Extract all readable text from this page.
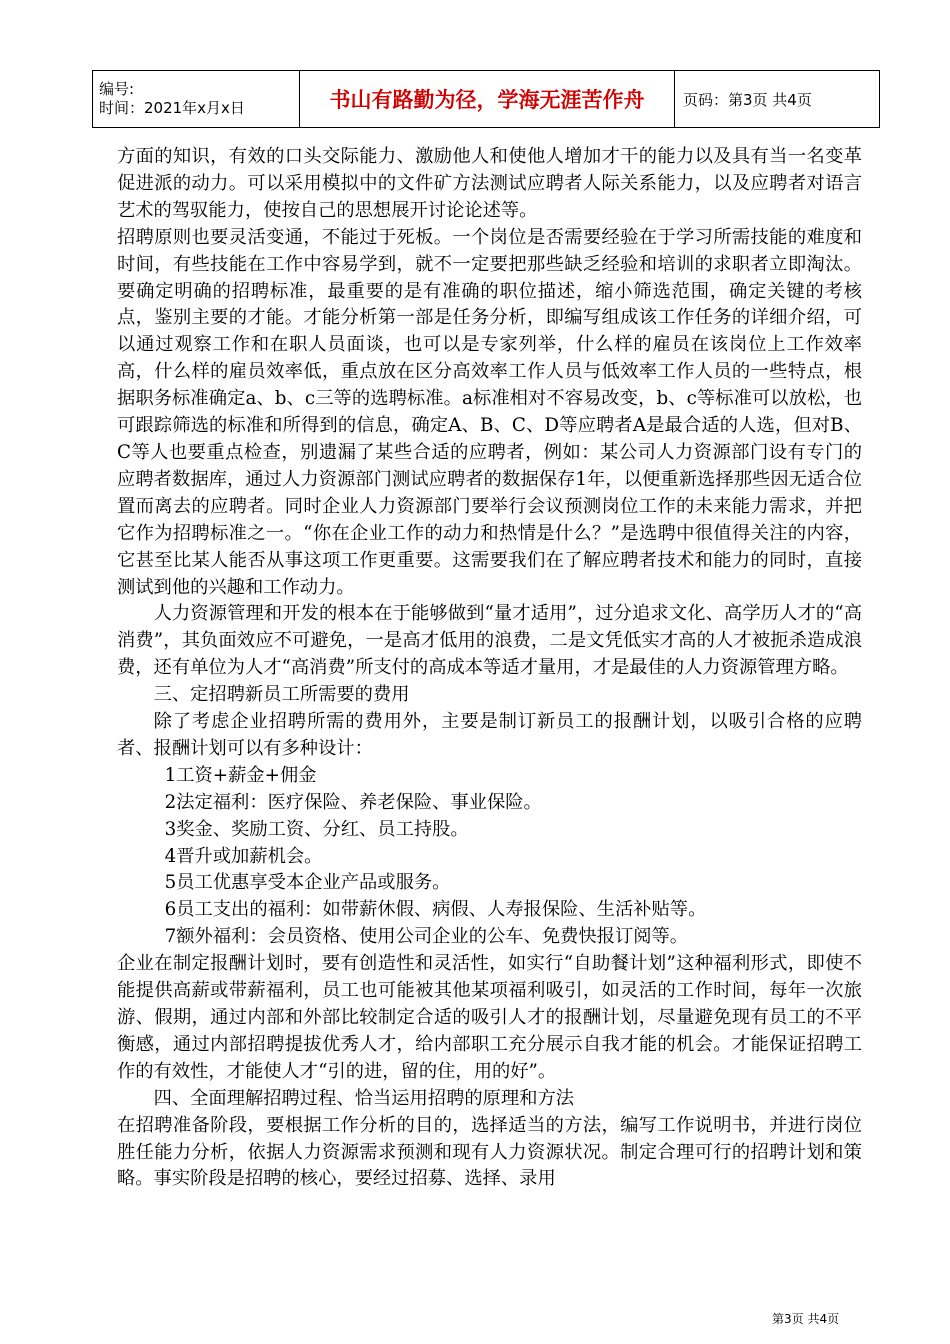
编号:
时间：2021年x月x日	书山有路勤为径，学海无涯苦作舟	页码：第3页 共4页

方面的知识，有效的口头交际能力、激励他人和使他人增加才干的能力以及具有当一名变革促进派的动力。可以采用模拟中的文件矿方法测试应聘者人际关系能力，以及应聘者对语言艺术的驾驭能力，使按自己的思想展开讨论论述等。

招聘原则也要灵活变通，不能过于死板。一个岗位是否需要经验在于学习所需技能的难度和时间，有些技能在工作中容易学到，就不一定要把那些缺乏经验和培训的求职者立即淘汰。要确定明确的招聘标准，最重要的是有准确的职位描述，缩小筛选范围，确定关键的考核点，鉴别主要的才能。才能分析第一部是任务分析，即编写组成该工作任务的详细介绍，可以通过观察工作和在职人员面谈，也可以是专家列举，什么样的雇员在该岗位上工作效率高，什么样的雇员效率低，重点放在区分高效率工作人员与低效率工作人员的一些特点，根据职务标准确定a、b、c三等的选聘标准。a标准相对不容易改变，b、c等标准可以放松，也可跟踪筛选的标准和所得到的信息，确定A、B、C、D等应聘者A是最合适的人选，但对B、C等人也要重点检查，别遗漏了某些合适的应聘者，例如：某公司人力资源部门设有专门的应聘者数据库，通过人力资源部门测试应聘者的数据保存1年，以便重新选择那些因无适合位置而离去的应聘者。同时企业人力资源部门要举行会议预测岗位工作的未来能力需求，并把它作为招聘标准之一。“你在企业工作的动力和热情是什么？”是选聘中很值得关注的内容，它甚至比某人能否从事这项工作更重要。这需要我们在了解应聘者技术和能力的同时，直接测试到他的兴趣和工作动力。

人力资源管理和开发的根本在于能够做到“量才适用”，过分追求文化、高学历人才的“高消费”，其负面效应不可避免，一是高才低用的浪费，二是文凭低实才高的人才被扼杀造成浪费，还有单位为人才“高消费”所支付的高成本等适才量用，才是最佳的人力资源管理方略。

三、定招聘新员工所需要的费用

除了考虑企业招聘所需的费用外，主要是制订新员工的报酬计划，以吸引合格的应聘者、报酬计划可以有多种设计：

1工资+薪金+佣金

2法定福利：医疗保险、养老保险、事业保险。

3奖金、奖励工资、分红、员工持股。

4晋升或加薪机会。

5员工优惠享受本企业产品或服务。

6员工支出的福利：如带薪休假、病假、人寿报保险、生活补贴等。

7额外福利：会员资格、使用公司企业的公车、免费快报订阅等。

企业在制定报酬计划时，要有创造性和灵活性，如实行“自助餐计划”这种福利形式，即使不能提供高薪或带薪福利，员工也可能被其他某项福利吸引，如灵活的工作时间，每年一次旅游、假期，通过内部和外部比较制定合适的吸引人才的报酬计划，尽量避免现有员工的不平衡感，通过内部招聘提拔优秀人才，给内部职工充分展示自我才能的机会。才能保证招聘工作的有效性，才能使人才“引的进，留的住，用的好”。

四、全面理解招聘过程、恰当运用招聘的原理和方法

在招聘准备阶段，要根据工作分析的目的，选择适当的方法，编写工作说明书，并进行岗位胜任能力分析，依据人力资源需求预测和现有人力资源状况。制定合理可行的招聘计划和策略。事实阶段是招聘的核心，要经过招募、选择、录用

第3页 共4页
